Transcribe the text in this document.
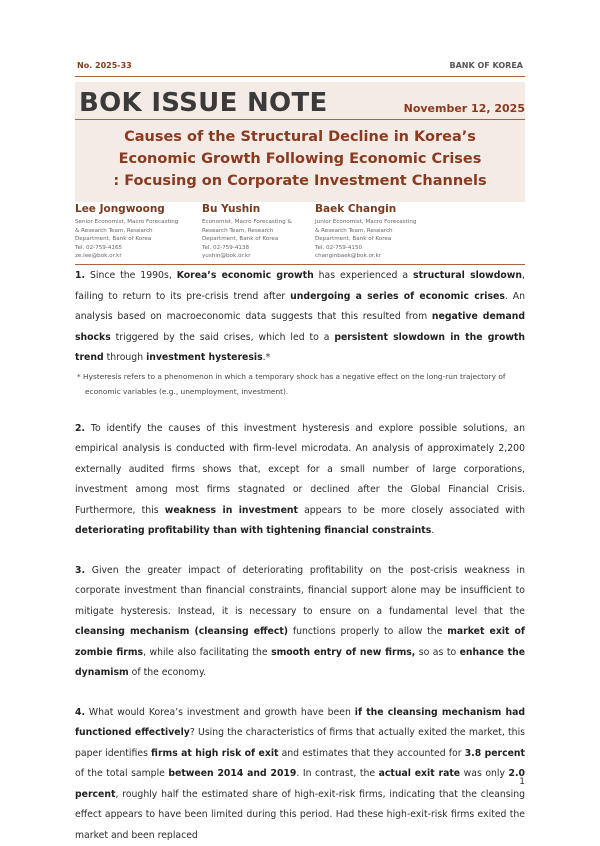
No. 2025-33	BANK OF KOREA
BOK ISSUE NOTE	November 12, 2025
Causes of the Structural Decline in Korea’s
Economic Growth Following Economic Crises
: Focusing on Corporate Investment Channels
Lee Jongwoong
Senior Economist, Macro Forecasting
& Research Team, Research
Department, Bank of Korea
Tel. 02-759-4165
ze.lee@bok.or.kr
Bu Yushin
Economist, Macro Forecasting &
Research Team, Research
Department, Bank of Korea
Tel. 02-759-4138
yushin@bok.or.kr
Baek Changin
Junior Economist, Macro Forecasting
& Research Team, Research
Department, Bank of Korea
Tel. 02-759-4150
changinbaek@bok.or.kr

1. Since the 1990s, Korea’s economic growth has experienced a structural slowdown, failing to return to its pre-crisis trend after undergoing a series of economic crises. An analysis based on macroeconomic data suggests that this resulted from negative demand shocks triggered by the said crises, which led to a persistent slowdown in the growth trend through investment hysteresis.*

* Hysteresis refers to a phenomenon in which a temporary shock has a negative effect on the long-run trajectory of economic variables (e.g., unemployment, investment).

2. To identify the causes of this investment hysteresis and explore possible solutions, an empirical analysis is conducted with firm-level microdata. An analysis of approximately 2,200 externally audited firms shows that, except for a small number of large corporations, investment among most firms stagnated or declined after the Global Financial Crisis. Furthermore, this weakness in investment appears to be more closely associated with deteriorating profitability than with tightening financial constraints.

3. Given the greater impact of deteriorating profitability on the post-crisis weakness in corporate investment than financial constraints, financial support alone may be insufficient to mitigate hysteresis. Instead, it is necessary to ensure on a fundamental level that the cleansing mechanism (cleansing effect) functions properly to allow the market exit of zombie firms, while also facilitating the smooth entry of new firms, so as to enhance the dynamism of the economy.

4. What would Korea’s investment and growth have been if the cleansing mechanism had functioned effectively? Using the characteristics of firms that actually exited the market, this paper identifies firms at high risk of exit and estimates that they accounted for 3.8 percent of the total sample between 2014 and 2019. In contrast, the actual exit rate was only 2.0 percent, roughly half the estimated share of high-exit-risk firms, indicating that the cleansing effect appears to have been limited during this period. Had these high-exit-risk firms exited the market and been replaced

1
